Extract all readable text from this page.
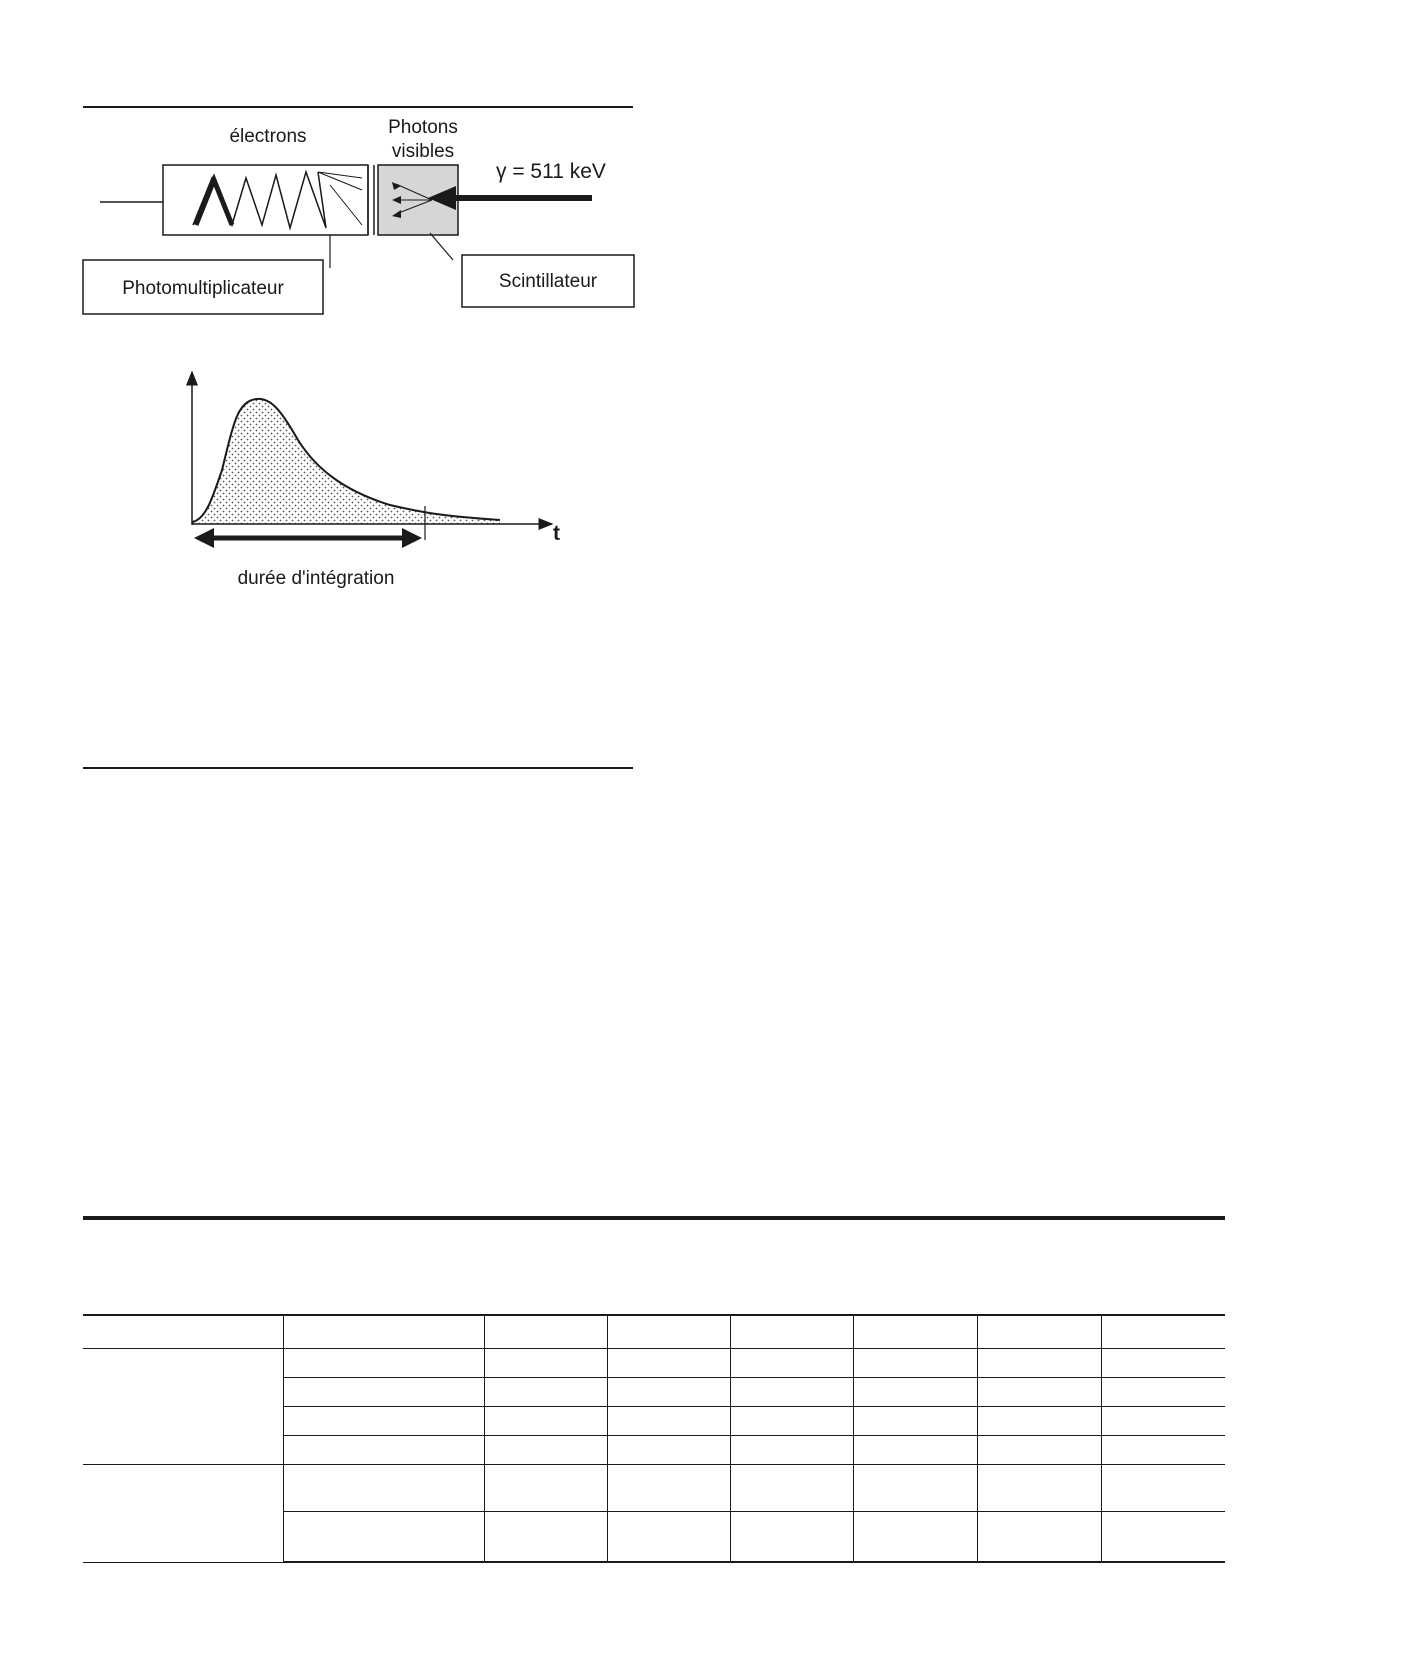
électrons	Photons
visibles
γ = 511 keV
Photomultiplicateur	Scintillateur
t
durée d'intégration
